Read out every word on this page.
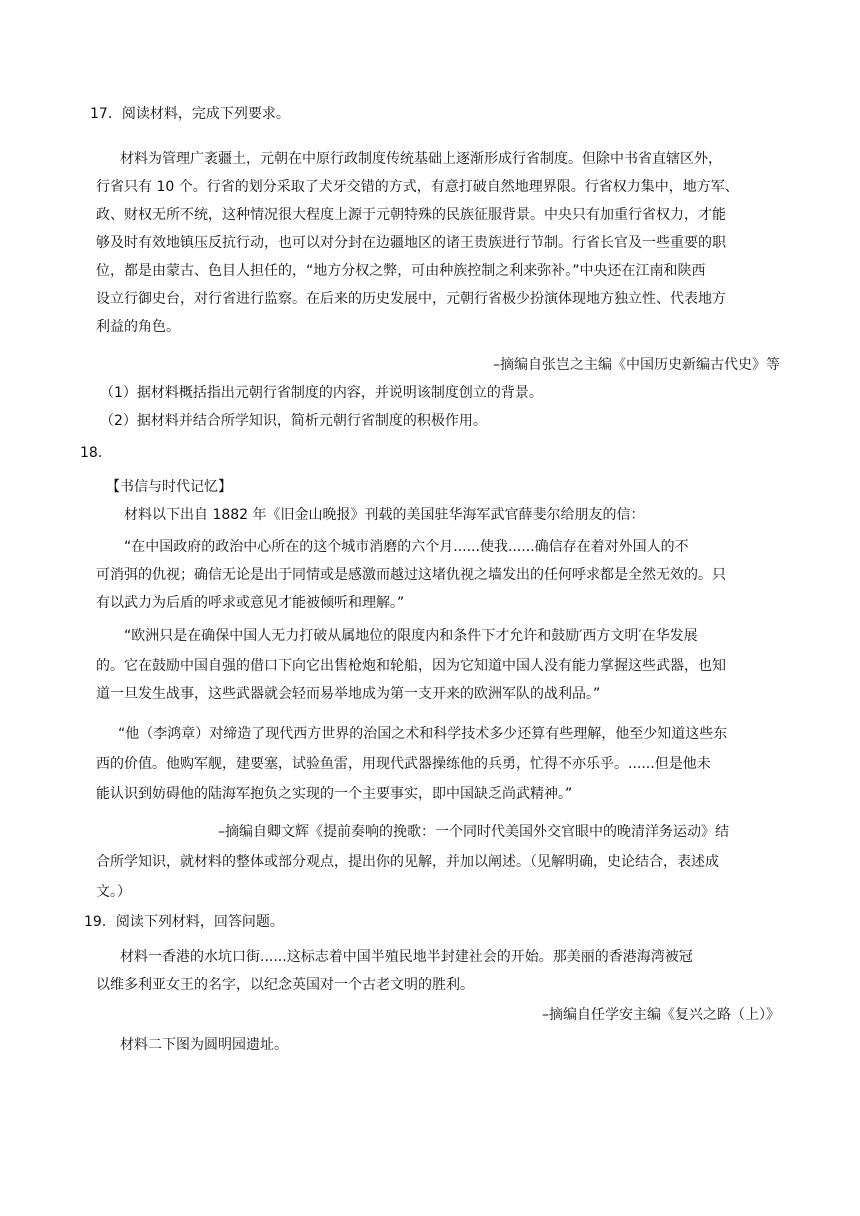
17．阅读材料，完成下列要求。

材料为管理广袤疆土，元朝在中原行政制度传统基础上逐渐形成行省制度。但除中书省直辖区外，

行省只有 10 个。行省的划分采取了犬牙交错的方式，有意打破自然地理界限。行省权力集中，地方军、

政、财权无所不统，这种情况很大程度上源于元朝特殊的民族征服背景。中央只有加重行省权力，才能

够及时有效地镇压反抗行动，也可以对分封在边疆地区的诸王贵族进行节制。行省长官及一些重要的职

位，都是由蒙古、色目人担任的，“地方分权之弊，可由种族控制之利来弥补。”中央还在江南和陕西

设立行御史台，对行省进行监察。在后来的历史发展中，元朝行省极少扮演体现地方独立性、代表地方

利益的角色。

–摘编自张岂之主编《中国历史新编古代史》等

（1）据材料概括指出元朝行省制度的内容，并说明该制度创立的背景。

（2）据材料并结合所学知识，简析元朝行省制度的积极作用。

18.

【书信与时代记忆】

材料以下出自 1882 年《旧金山晚报》刊载的美国驻华海军武官薛斐尔给朋友的信：

“在中国政府的政治中心所在的这个城市消磨的六个月......使我......确信存在着对外国人的不

可消弭的仇视；确信无论是出于同情或是感激而越过这堵仇视之墙发出的任何呼求都是全然无效的。只

有以武力为后盾的呼求或意见才能被倾听和理解。”

“欧洲只是在确保中国人无力打破从属地位的限度内和条件下才允许和鼓励′西方文明′在华发展

的。它在鼓励中国自强的借口下向它出售枪炮和轮船，因为它知道中国人没有能力掌握这些武器，也知

道一旦发生战事，这些武器就会轻而易举地成为第一支开来的欧洲军队的战利品。”

“他（李鸿章）对缔造了现代西方世界的治国之术和科学技术多少还算有些理解，他至少知道这些东

西的价值。他购军舰，建要塞，试验鱼雷，用现代武器操练他的兵勇，忙得不亦乐乎。......但是他未

能认识到妨碍他的陆海军抱负之实现的一个主要事实，即中国缺乏尚武精神。”

–摘编自卿文辉《提前奏响的挽歌：一个同时代美国外交官眼中的晚清洋务运动》结

合所学知识，就材料的整体或部分观点，提出你的见解，并加以阐述。（见解明确，史论结合，表述成

文。）

19．阅读下列材料，回答问题。

材料一香港的水坑口街......这标志着中国半殖民地半封建社会的开始。那美丽的香港海湾被冠

以维多利亚女王的名字，以纪念英国对一个古老文明的胜利。

–摘编自任学安主编《复兴之路（上）》

材料二下图为圆明园遗址。
